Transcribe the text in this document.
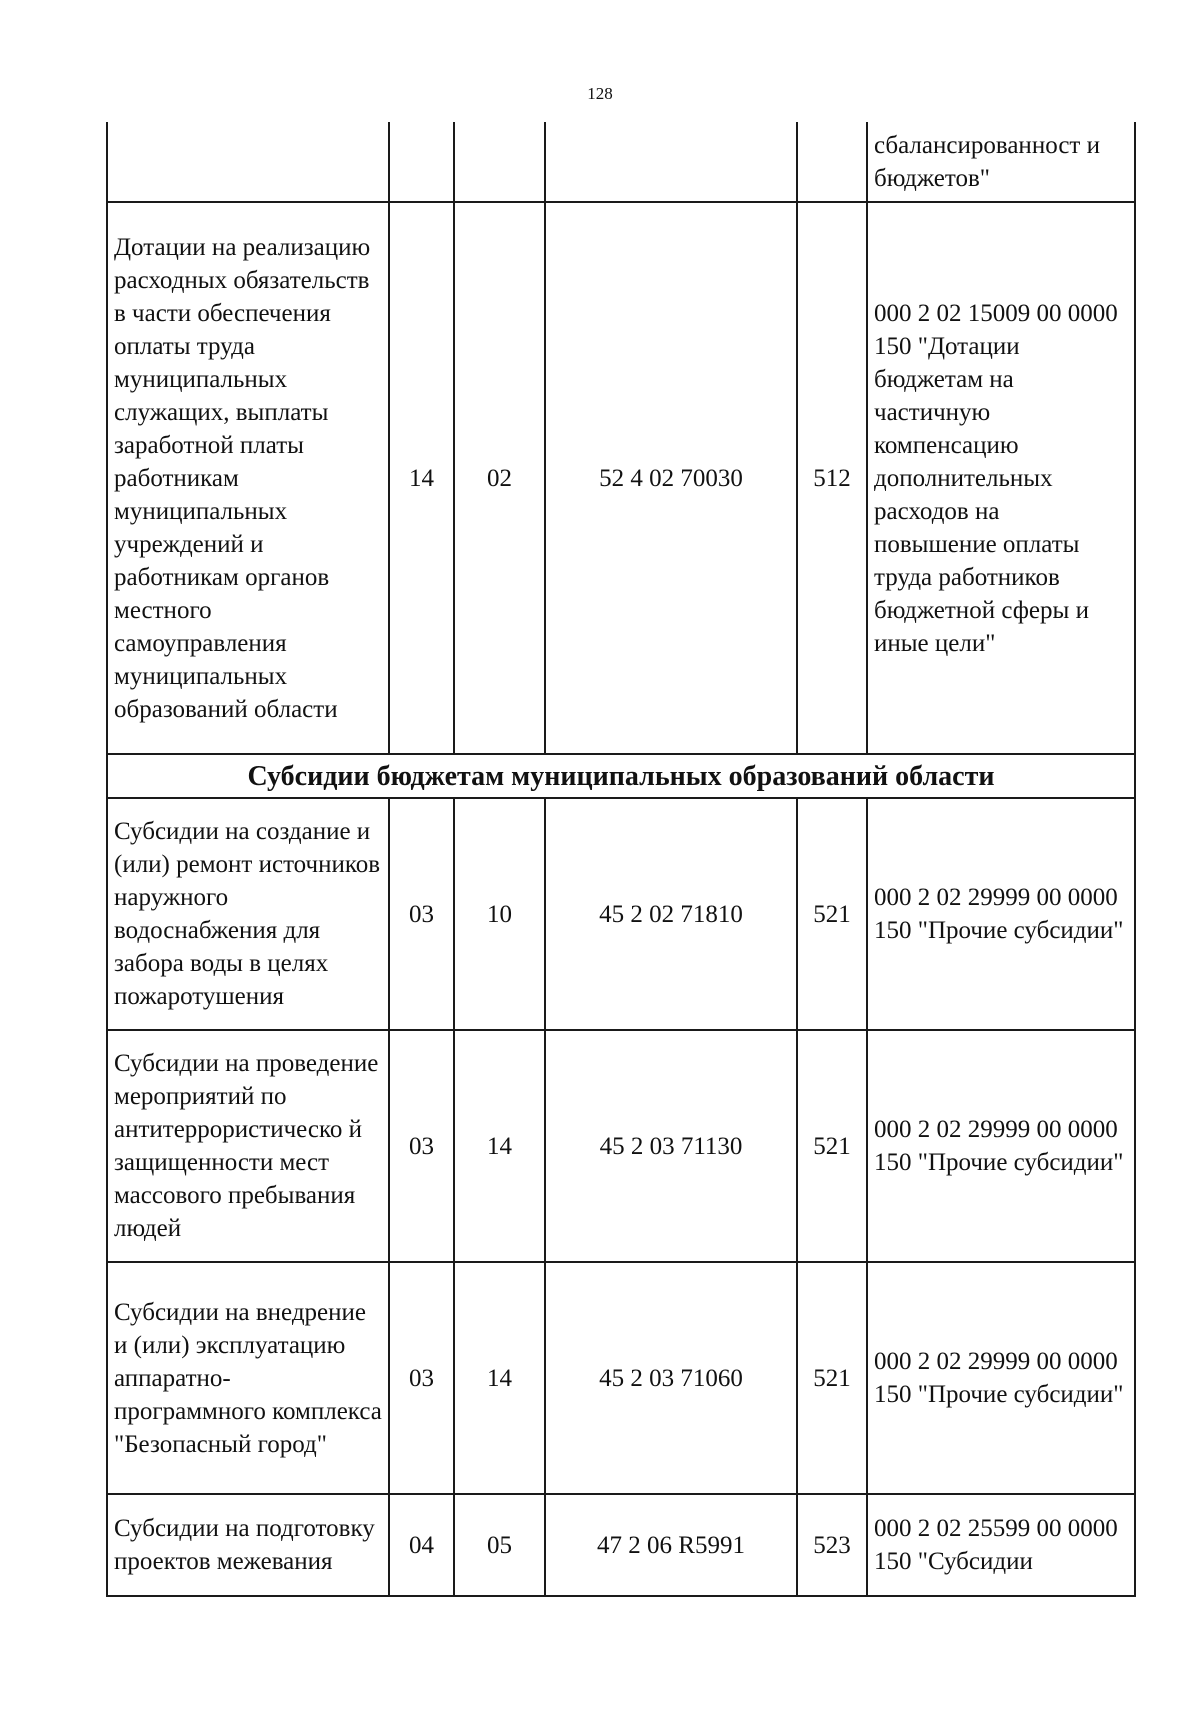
128
					сбалансированност и бюджетов"
Дотации на реализацию расходных обязательств в части обеспечения оплаты труда муниципальных служащих, выплаты заработной платы работникам муниципальных учреждений и работникам органов местного самоуправления муниципальных образований области	14	02	52 4 02 70030	512	000 2 02 15009 00 0000 150 "Дотации бюджетам на частичную компенсацию дополнительных расходов на повышение оплаты труда работников бюджетной сферы и иные цели"
Субсидии бюджетам муниципальных образований области					
Субсидии на создание и (или) ремонт источников наружного водоснабжения для забора воды в целях пожаротушения	03	10	45 2 02 71810	521	000 2 02 29999 00 0000 150 "Прочие субсидии"
Субсидии на проведение мероприятий по антитеррористическо й защищенности мест массового пребывания людей	03	14	45 2 03 71130	521	000 2 02 29999 00 0000 150 "Прочие субсидии"
Субсидии на внедрение и (или) эксплуатацию аппаратно-программного комплекса "Безопасный город"	03	14	45 2 03 71060	521	000 2 02 29999 00 0000 150 "Прочие субсидии"
Субсидии на подготовку проектов межевания	04	05	47 2 06 R5991	523	000 2 02 25599 00 0000 150 "Субсидии
